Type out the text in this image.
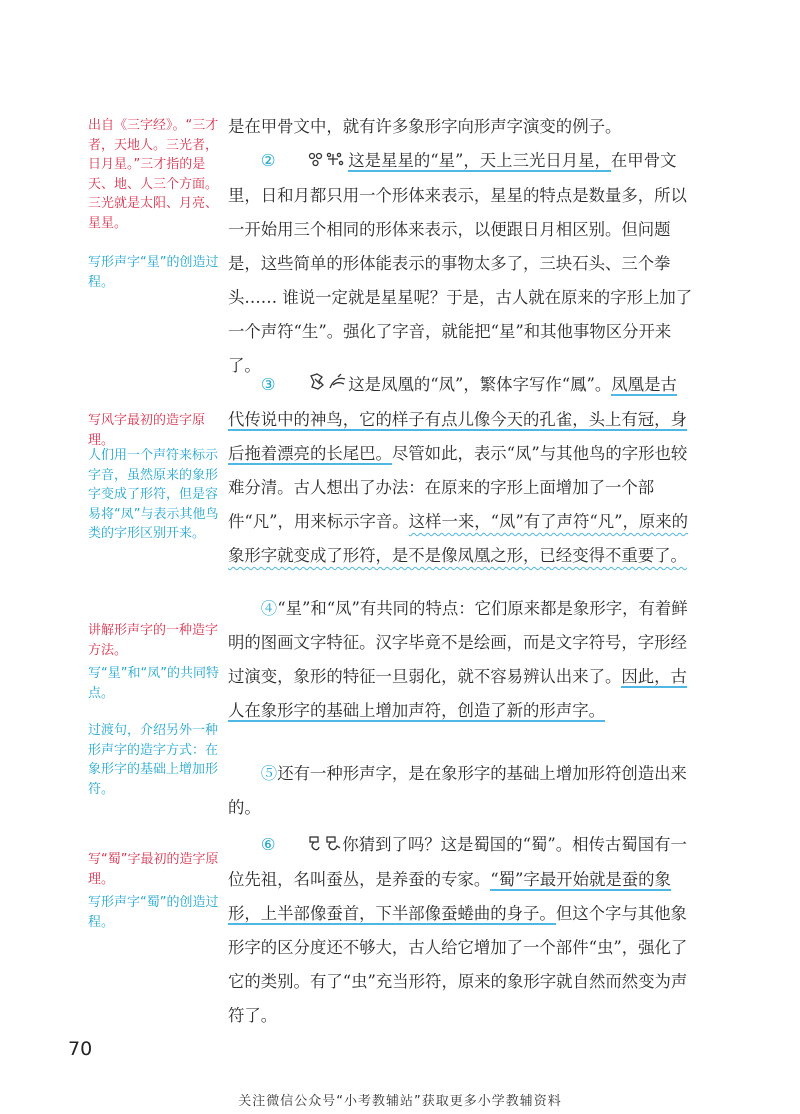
出自《三字经》。“三才者，天地人。三光者，日月星。”三才指的是天、地、人三个方面。三光就是太阳、月亮、星星。
写形声字“星”的创造过程。
写风字最初的造字原理。
人们用一个声符来标示字音，虽然原来的象形字变成了形符，但是容易将“凤”与表示其他鸟类的字形区别开来。
讲解形声字的一种造字方法。
写“星”和“凤”的共同特点。
过渡句，介绍另外一种形声字的造字方式：在象形字的基础上增加形符。
写“蜀”字最初的造字原理。
写形声字“蜀”的创造过程。
是在甲骨文中，就有许多象形字向形声字演变的例子。
②	这是星星的“星”，天上三光日月星，在甲骨文里，日和月都只用一个形体来表示，星星的特点是数量多，所以一开始用三个相同的形体来表示，以便跟日月相区别。但问题是，这些简单的形体能表示的事物太多了，三块石头、三个拳头…… 谁说一定就是星星呢？于是，古人就在原来的字形上加了一个声符“生”。强化了字音，就能把“星”和其他事物区分开来了。
③	这是凤凰的“凤”，繁体字写作“鳳”。凤凰是古代传说中的神鸟，它的样子有点儿像今天的孔雀，头上有冠，身后拖着漂亮的长尾巴。尽管如此，表示“凤”与其他鸟的字形也较难分清。古人想出了办法：在原来的字形上面增加了一个部件“凡”，用来标示字音。这样一来，“凤”有了声符“凡”，原来的象形字就变成了形符，是不是像凤凰之形，已经变得不重要了。
④“星”和“凤”有共同的特点：它们原来都是象形字，有着鲜明的图画文字特征。汉字毕竟不是绘画，而是文字符号，字形经过演变，象形的特征一旦弱化，就不容易辨认出来了。因此，古人在象形字的基础上增加声符，创造了新的形声字。
⑤还有一种形声字，是在象形字的基础上增加形符创造出来的。
⑥	你猜到了吗？这是蜀国的“蜀”。相传古蜀国有一位先祖，名叫蚕丛，是养蚕的专家。“蜀”字最开始就是蚕的象形，上半部像蚕首，下半部像蚕蜷曲的身子。但这个字与其他象形字的区分度还不够大，古人给它增加了一个部件“虫”，强化了它的类别。有了“虫”充当形符，原来的象形字就自然而然变为声符了。
70
关注微信公众号“小考教辅站”获取更多小学教辅资料
